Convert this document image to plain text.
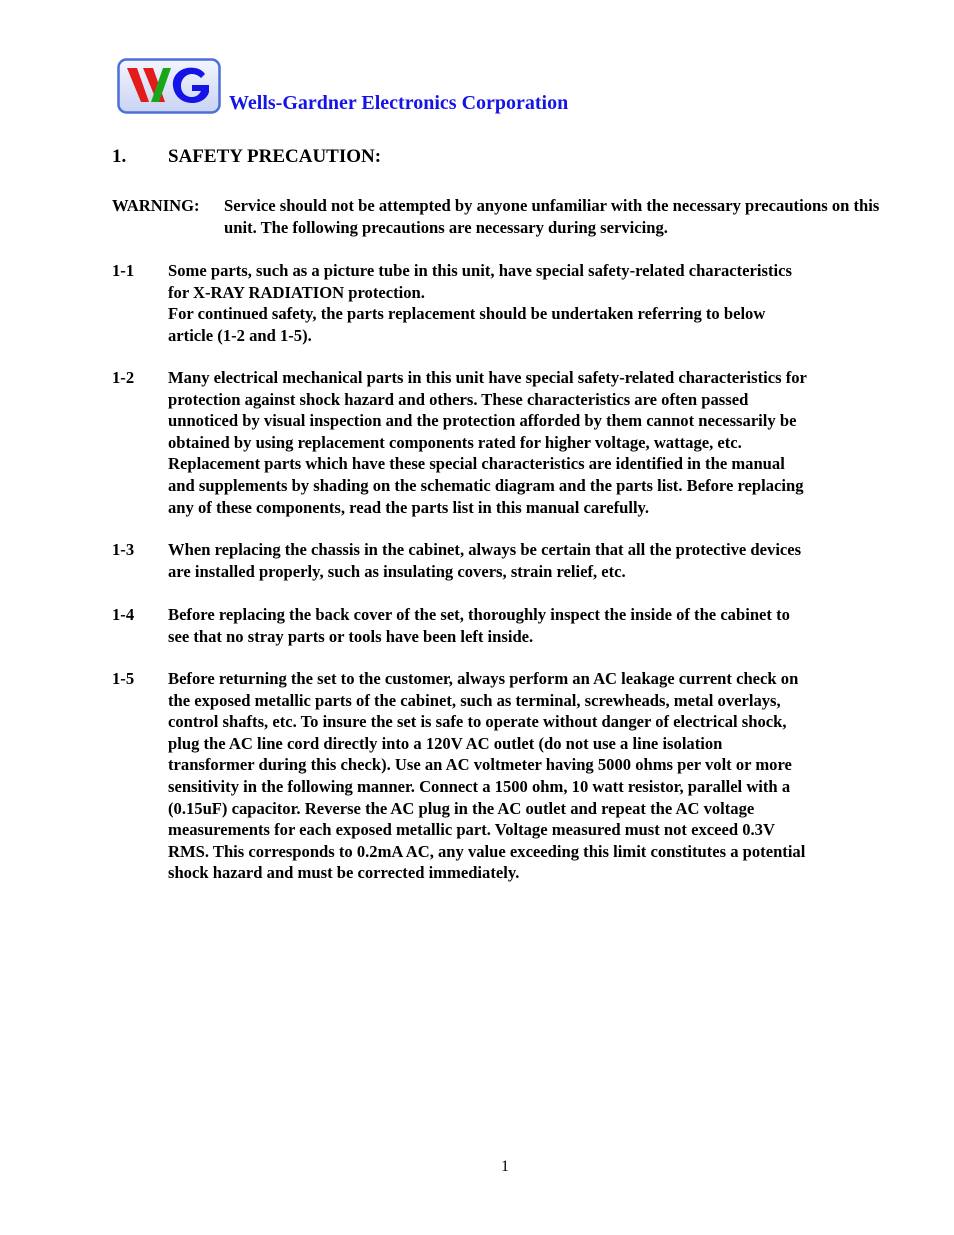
Wells-Gardner Electronics Corporation
1. SAFETY PRECAUTION:
WARNING: Service should not be attempted by anyone unfamiliar with the necessary precautions on this unit. The following precautions are necessary during servicing.
1-1 Some parts, such as a picture tube in this unit, have special safety-related characteristics
for X-RAY RADIATION protection.
For continued safety, the parts replacement should be undertaken referring to below
article (1-2 and 1-5).
1-2 Many electrical mechanical parts in this unit have special safety-related characteristics for
protection against shock hazard and others. These characteristics are often passed
unnoticed by visual inspection and the protection afforded by them cannot necessarily be
obtained by using replacement components rated for higher voltage, wattage, etc.
Replacement parts which have these special characteristics are identified in the manual
and supplements by shading on the schematic diagram and the parts list. Before replacing
any of these components, read the parts list in this manual carefully.
1-3 When replacing the chassis in the cabinet, always be certain that all the protective devices
are installed properly, such as insulating covers, strain relief, etc.
1-4 Before replacing the back cover of the set, thoroughly inspect the inside of the cabinet to
see that no stray parts or tools have been left inside.
1-5 Before returning the set to the customer, always perform an AC leakage current check on
the exposed metallic parts of the cabinet, such as terminal, screwheads, metal overlays,
control shafts, etc. To insure the set is safe to operate without danger of electrical shock,
plug the AC line cord directly into a 120V AC outlet (do not use a line isolation
transformer during this check). Use an AC voltmeter having 5000 ohms per volt or more
sensitivity in the following manner. Connect a 1500 ohm, 10 watt resistor, parallel with a
(0.15uF) capacitor. Reverse the AC plug in the AC outlet and repeat the AC voltage
measurements for each exposed metallic part. Voltage measured must not exceed 0.3V
RMS. This corresponds to 0.2mA AC, any value exceeding this limit constitutes a potential
shock hazard and must be corrected immediately.
1
